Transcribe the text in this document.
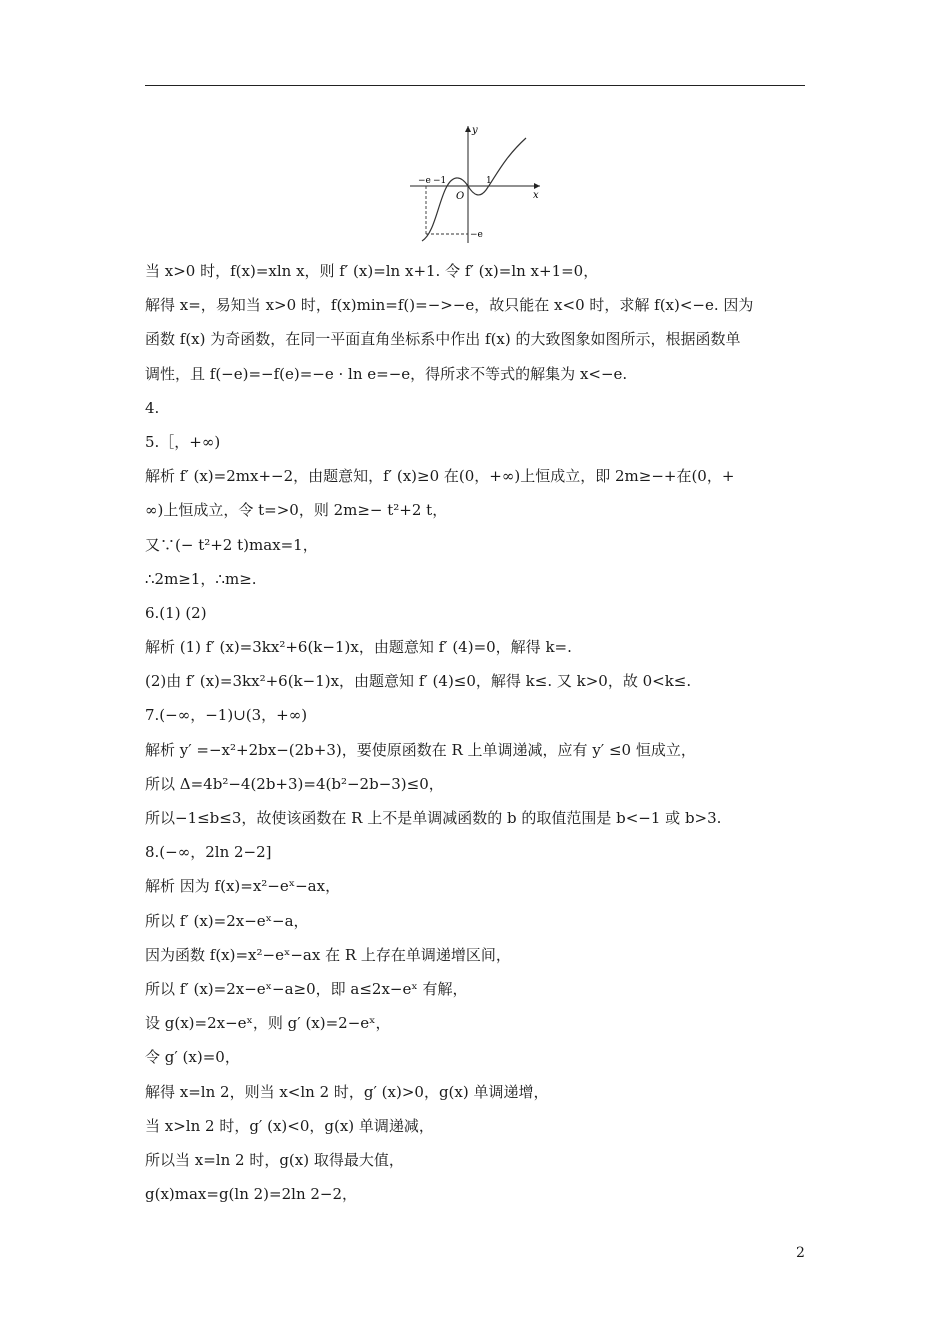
y
x
O
−e −1	1
−e
当 x>0 时，f(x)=xln x，则 f′ (x)=ln x+1. 令 f′ (x)=ln x+1=0，
解得 x=，易知当 x>0 时，f(x)min=f()=−>−e，故只能在 x<0 时，求解 f(x)<−e. 因为
函数 f(x) 为奇函数，在同一平面直角坐标系中作出 f(x) 的大致图象如图所示，根据函数单
调性，且 f(−e)=−f(e)=−e · ln e=−e，得所求不等式的解集为 x<−e.
4.
5.［，+∞)
解析 f′ (x)=2mx+−2，由题意知，f′ (x)≥0 在(0，+∞)上恒成立，即 2m≥−+在(0，+
∞)上恒成立，令 t=>0，则 2m≥− t²+2 t，
又∵(− t²+2 t)max=1，
∴2m≥1，∴m≥.
6.(1) (2)
解析 (1) f′ (x)=3kx²+6(k−1)x，由题意知 f′ (4)=0，解得 k=.
(2)由 f′ (x)=3kx²+6(k−1)x，由题意知 f′ (4)≤0，解得 k≤. 又 k>0，故 0<k≤.
7.(−∞，−1)∪(3，+∞)
解析 y′ =−x²+2bx−(2b+3)，要使原函数在 R 上单调递减，应有 y′ ≤0 恒成立，
所以 Δ=4b²−4(2b+3)=4(b²−2b−3)≤0，
所以−1≤b≤3，故使该函数在 R 上不是单调减函数的 b 的取值范围是 b<−1 或 b>3.
8.(−∞，2ln 2−2]
解析 因为 f(x)=x²−eˣ−ax，
所以 f′ (x)=2x−eˣ−a，
因为函数 f(x)=x²−eˣ−ax 在 R 上存在单调递增区间，
所以 f′ (x)=2x−eˣ−a≥0，即 a≤2x−eˣ 有解，
设 g(x)=2x−eˣ，则 g′ (x)=2−eˣ，
令 g′ (x)=0，
解得 x=ln 2，则当 x<ln 2 时，g′ (x)>0，g(x) 单调递增，
当 x>ln 2 时，g′ (x)<0，g(x) 单调递减，
所以当 x=ln 2 时，g(x) 取得最大值，
g(x)max=g(ln 2)=2ln 2−2，
2
